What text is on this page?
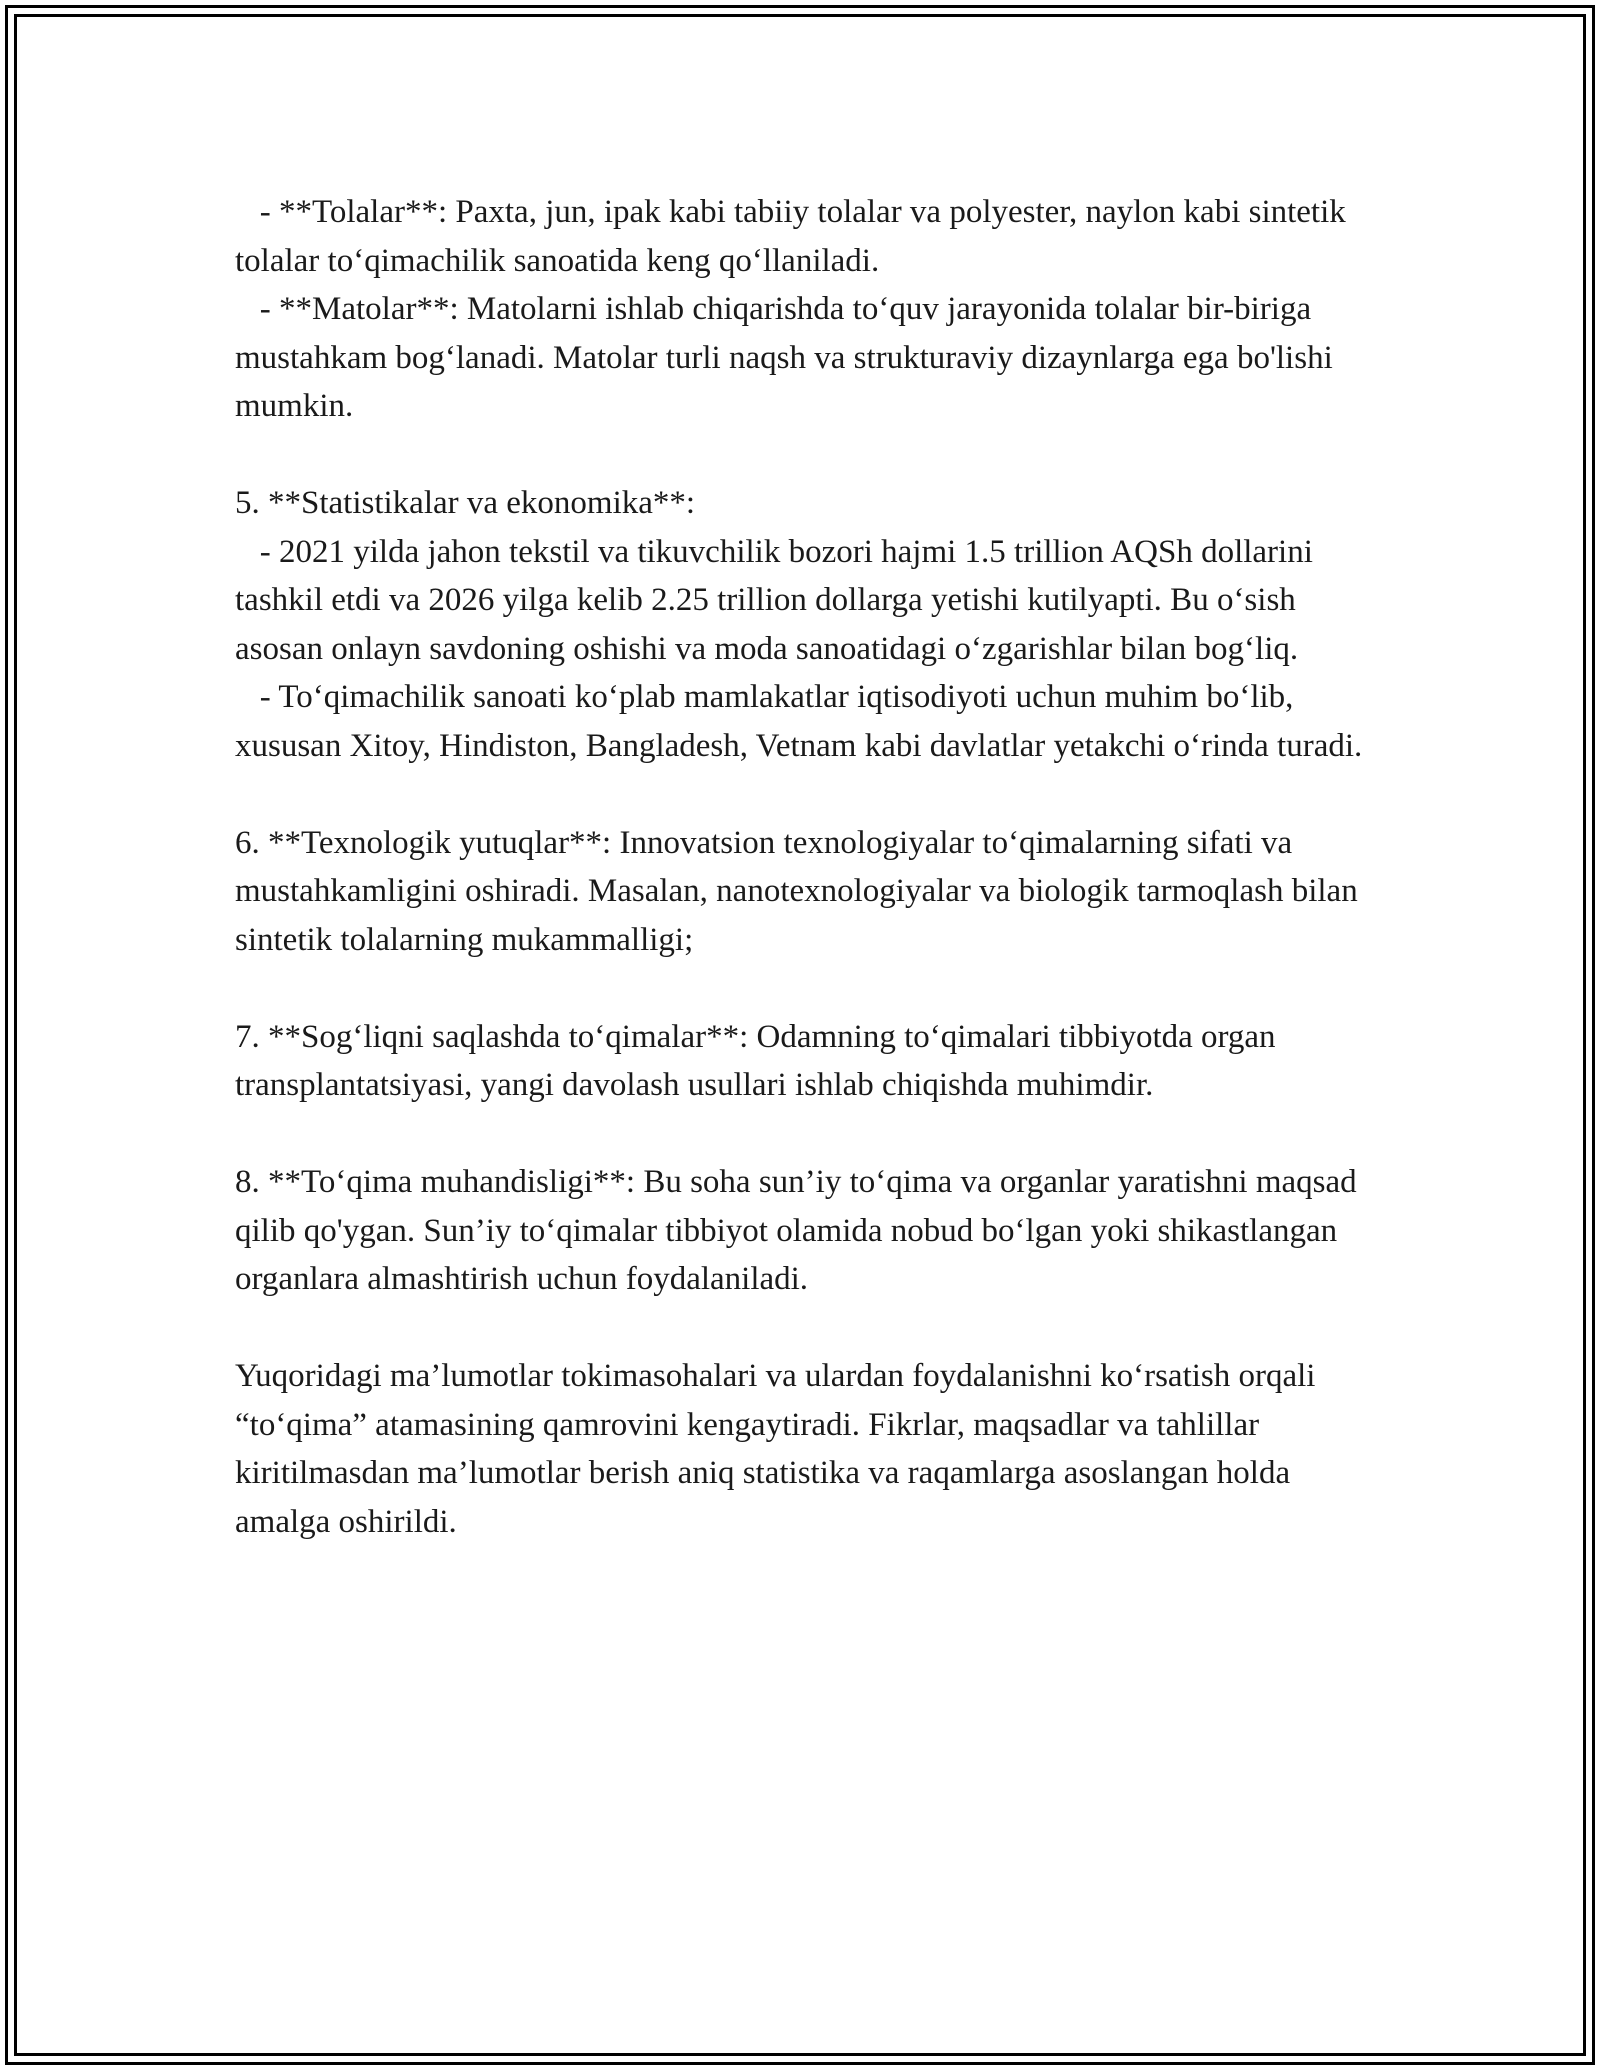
- **Tolalar**: Paxta, jun, ipak kabi tabiiy tolalar va polyester, naylon kabi sintetik tolalar to‘qimachilik sanoatida keng qo‘llaniladi.

- **Matolar**: Matolarni ishlab chiqarishda to‘quv jarayonida tolalar bir-biriga mustahkam bog‘lanadi. Matolar turli naqsh va strukturaviy dizaynlarga ega bo'lishi mumkin.

5. **Statistikalar va ekonomika**:

- 2021 yilda jahon tekstil va tikuvchilik bozori hajmi 1.5 trillion AQSh dollarini tashkil etdi va 2026 yilga kelib 2.25 trillion dollarga yetishi kutilyapti. Bu o‘sish asosan onlayn savdoning oshishi va moda sanoatidagi o‘zgarishlar bilan bog‘liq.

- To‘qimachilik sanoati ko‘plab mamlakatlar iqtisodiyoti uchun muhim bo‘lib, xususan Xitoy, Hindiston, Bangladesh, Vetnam kabi davlatlar yetakchi o‘rinda turadi.

6. **Texnologik yutuqlar**: Innovatsion texnologiyalar to‘qimalarning sifati va mustahkamligini oshiradi. Masalan, nanotexnologiyalar va biologik tarmoqlash bilan sintetik tolalarning mukammalligi;

7. **Sog‘liqni saqlashda to‘qimalar**: Odamning to‘qimalari tibbiyotda organ transplantatsiyasi, yangi davolash usullari ishlab chiqishda muhimdir.

8. **To‘qima muhandisligi**: Bu soha sun’iy to‘qima va organlar yaratishni maqsad qilib qo'ygan. Sun’iy to‘qimalar tibbiyot olamida nobud bo‘lgan yoki shikastlangan organlara almashtirish uchun foydalaniladi.

Yuqoridagi ma’lumotlar tokimasohalari va ulardan foydalanishni ko‘rsatish orqali “to‘qima” atamasining qamrovini kengaytiradi. Fikrlar, maqsadlar va tahlillar kiritilmasdan ma’lumotlar berish aniq statistika va raqamlarga asoslangan holda amalga oshirildi.
